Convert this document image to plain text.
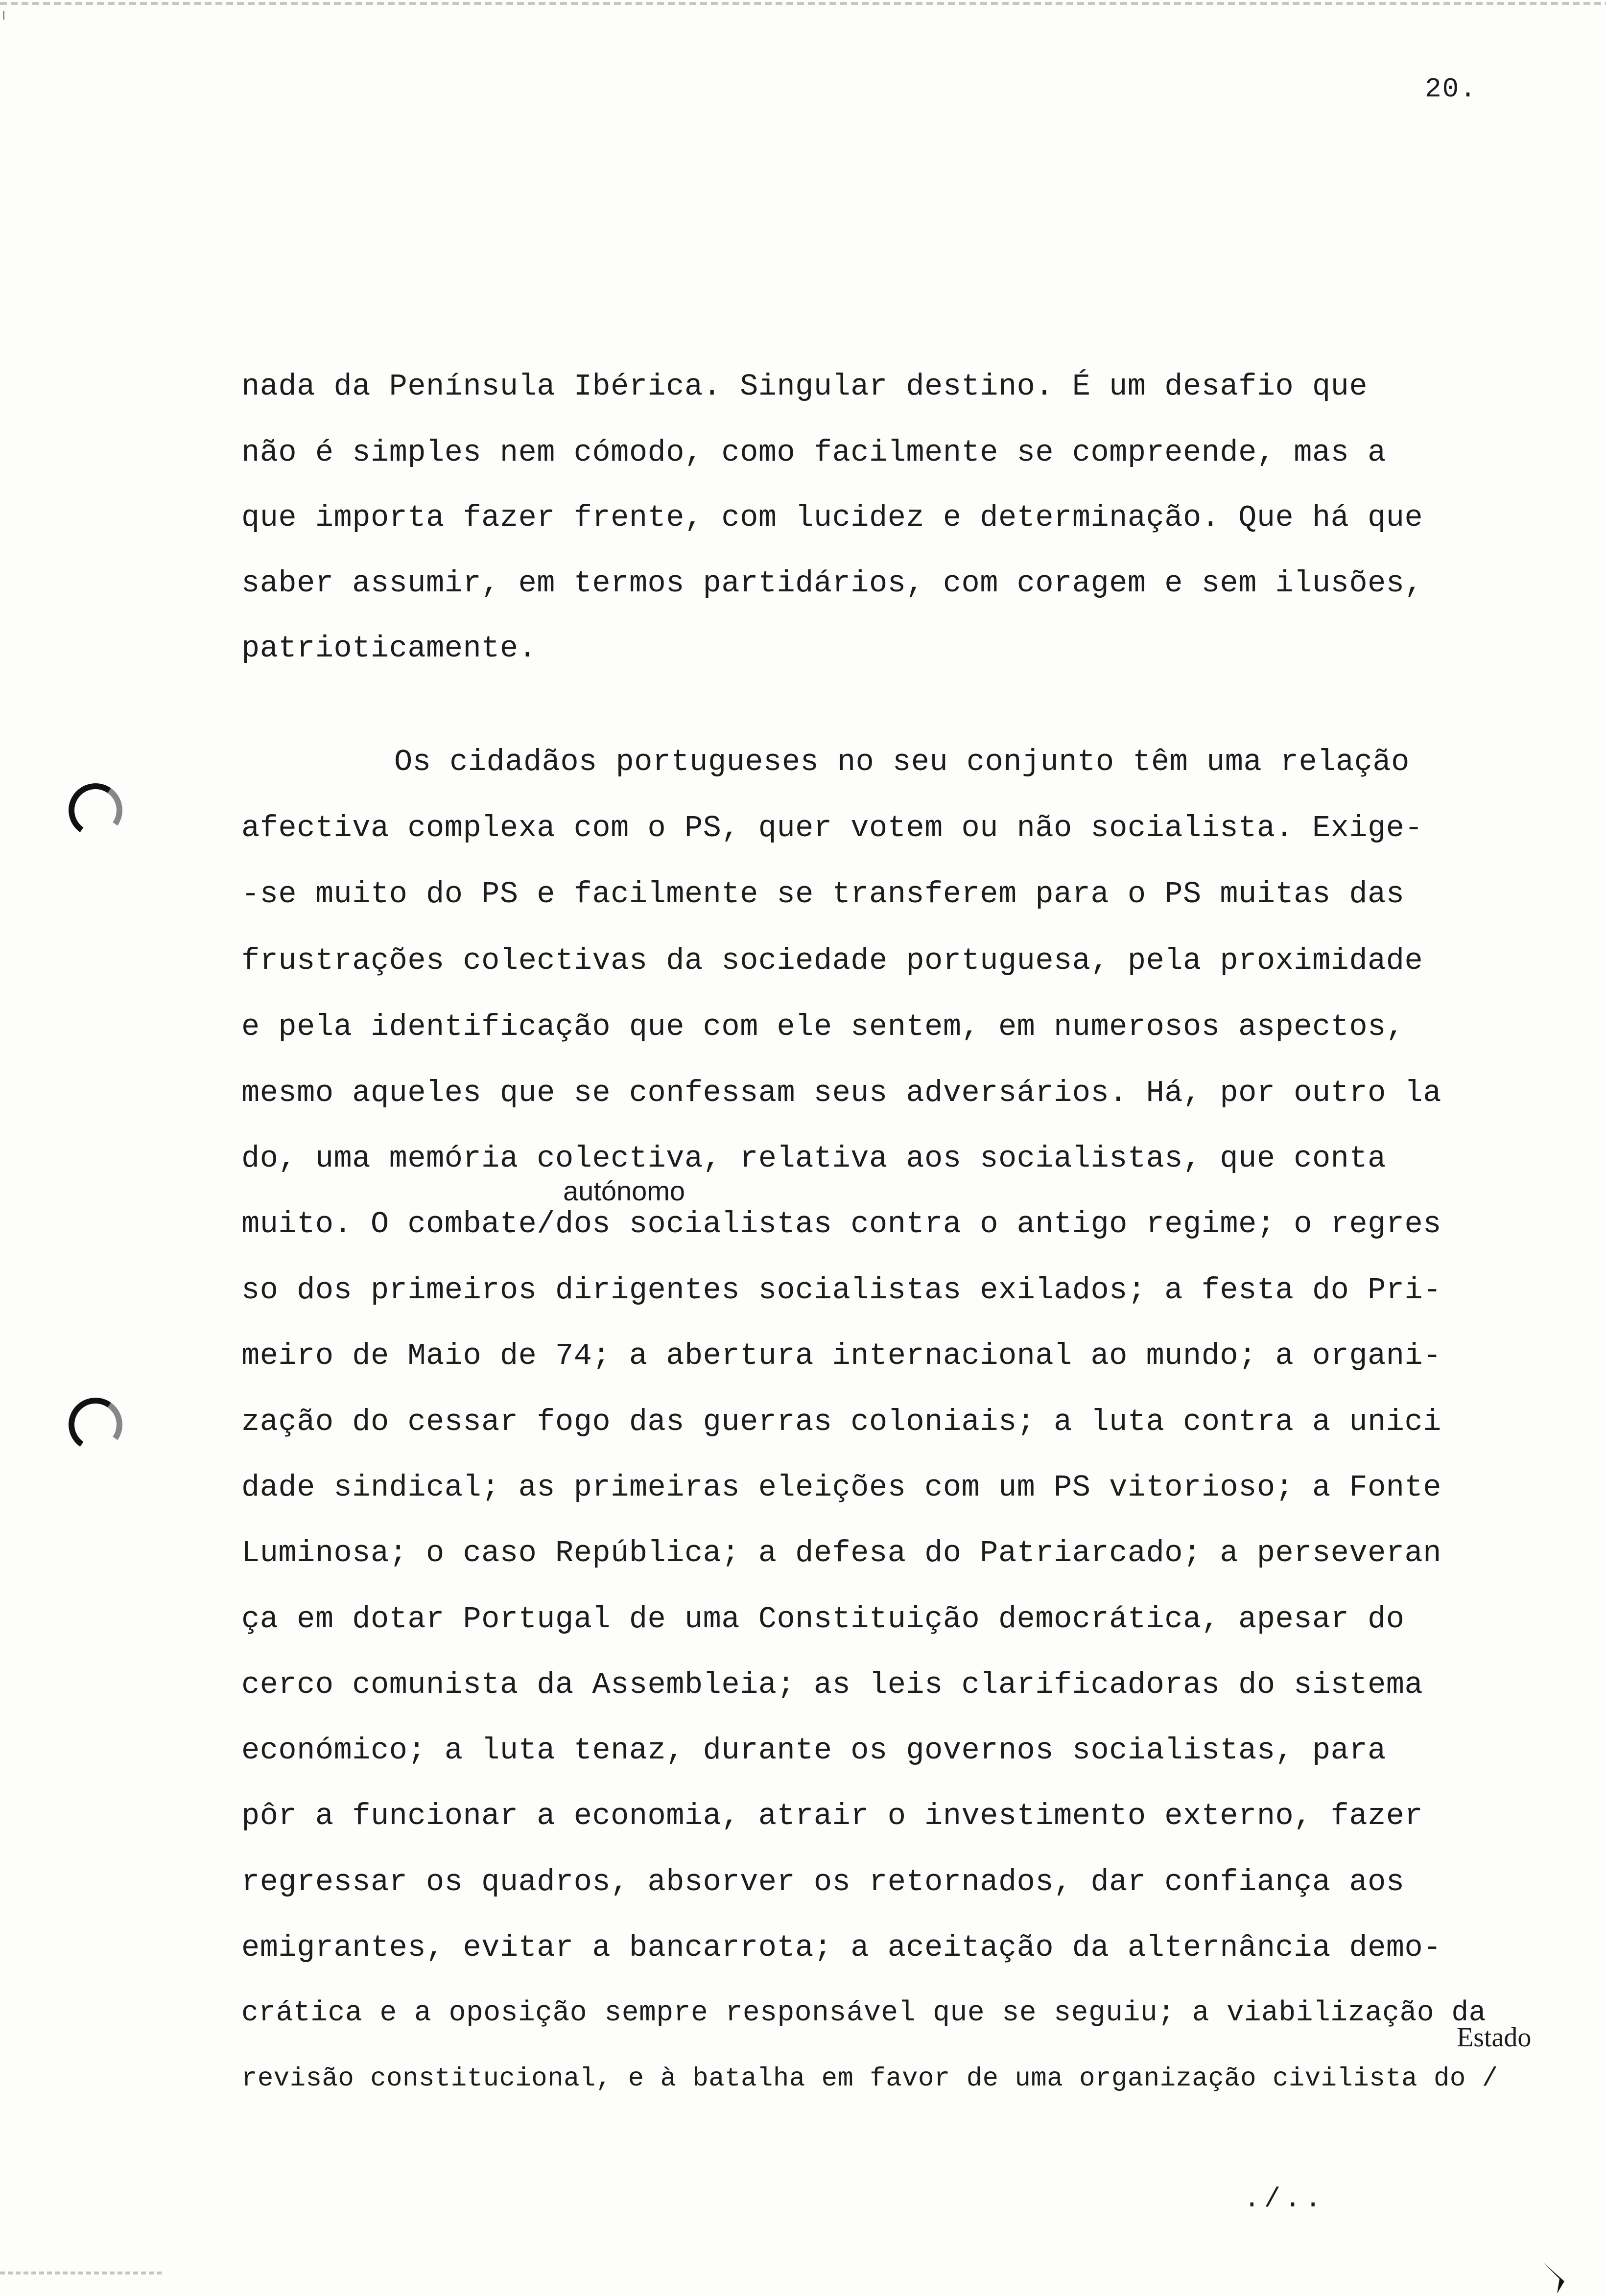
20.
nada da Península Ibérica. Singular destino. É um desafio que
não é simples nem cómodo, como facilmente se compreende, mas a
que importa fazer frente, com lucidez e determinação. Que há que
saber assumir, em termos partidários, com coragem e sem ilusões,
patrioticamente.
Os cidadãos portugueses no seu conjunto têm uma relação
afectiva complexa com o PS, quer votem ou não socialista. Exige-
-se muito do PS e facilmente se transferem para o PS muitas das
frustrações colectivas da sociedade portuguesa, pela proximidade
e pela identificação que com ele sentem, em numerosos aspectos,
mesmo aqueles que se confessam seus adversários. Há, por outro la
do, uma memória colectiva, relativa aos socialistas, que conta
autónomo
muito. O combate/dos socialistas contra o antigo regime; o regres
so dos primeiros dirigentes socialistas exilados; a festa do Pri-
meiro de Maio de 74; a abertura internacional ao mundo; a organi-
zação do cessar fogo das guerras coloniais; a luta contra a unici
dade sindical; as primeiras eleições com um PS vitorioso; a Fonte
Luminosa; o caso República; a defesa do Patriarcado; a perseveran
ça em dotar Portugal de uma Constituição democrática, apesar do
cerco comunista da Assembleia; as leis clarificadoras do sistema
económico; a luta tenaz, durante os governos socialistas, para
pôr a funcionar a economia, atrair o investimento externo, fazer
regressar os quadros, absorver os retornados, dar confiança aos
emigrantes, evitar a bancarrota; a aceitação da alternância demo-
crática e a oposição sempre responsável que se seguiu; a viabilização da
Estado
revisão constitucional, e à batalha em favor de uma organização civilista do /
./..
